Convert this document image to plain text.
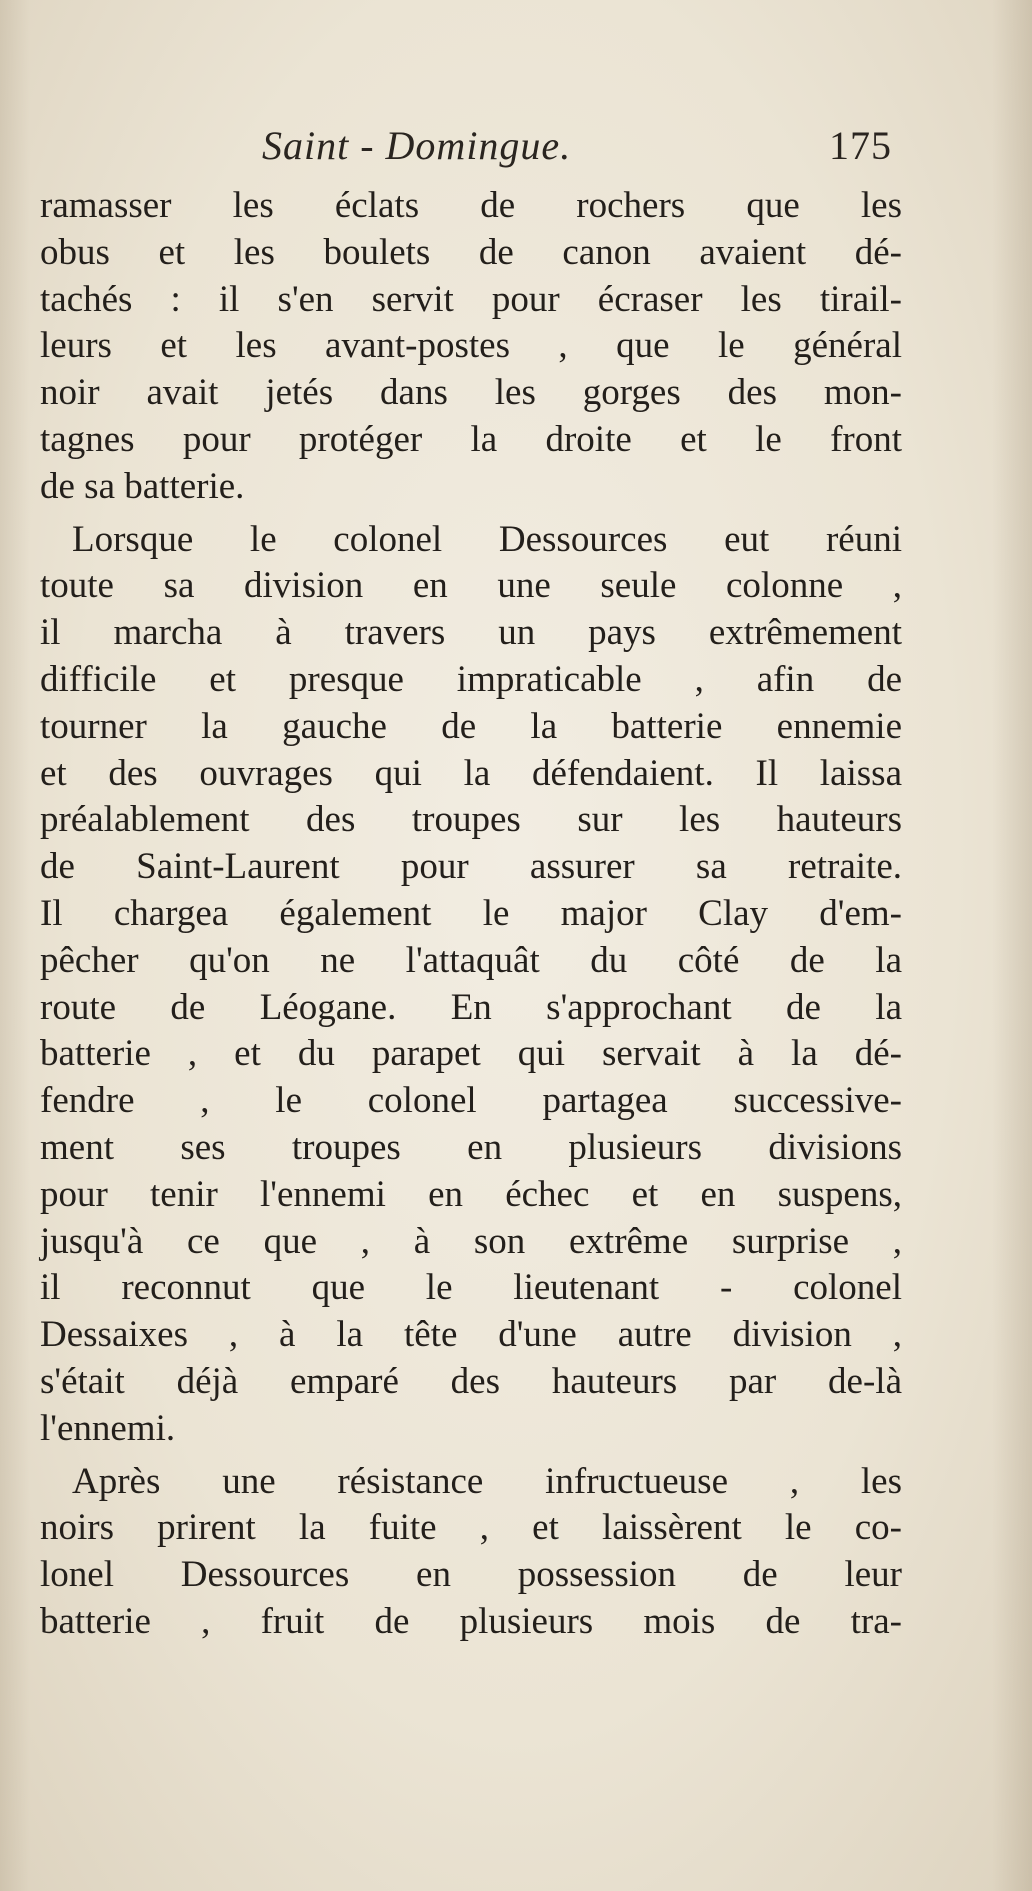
Saint - Domingue.	175
ramasser les éclats de rochers que les
obus et les boulets de canon avaient dé-
tachés : il s'en servit pour écraser les tirail-
leurs et les avant-postes , que le général
noir avait jetés dans les gorges des mon-
tagnes pour protéger la droite et le front
de sa batterie.
Lorsque le colonel Dessources eut réuni
toute sa division en une seule colonne ,
il marcha à travers un pays extrêmement
difficile et presque impraticable , afin de
tourner la gauche de la batterie ennemie
et des ouvrages qui la défendaient. Il laissa
préalablement des troupes sur les hauteurs
de Saint-Laurent pour assurer sa retraite.
Il chargea également le major Clay d'em-
pêcher qu'on ne l'attaquât du côté de la
route de Léogane. En s'approchant de la
batterie , et du parapet qui servait à la dé-
fendre , le colonel partagea successive-
ment ses troupes en plusieurs divisions
pour tenir l'ennemi en échec et en suspens,
jusqu'à ce que , à son extrême surprise ,
il reconnut que le lieutenant - colonel
Dessaixes , à la tête d'une autre division ,
s'était déjà emparé des hauteurs par de-là
l'ennemi.
Après une résistance infructueuse , les
noirs prirent la fuite , et laissèrent le co-
lonel Dessources en possession de leur
batterie , fruit de plusieurs mois de tra-
